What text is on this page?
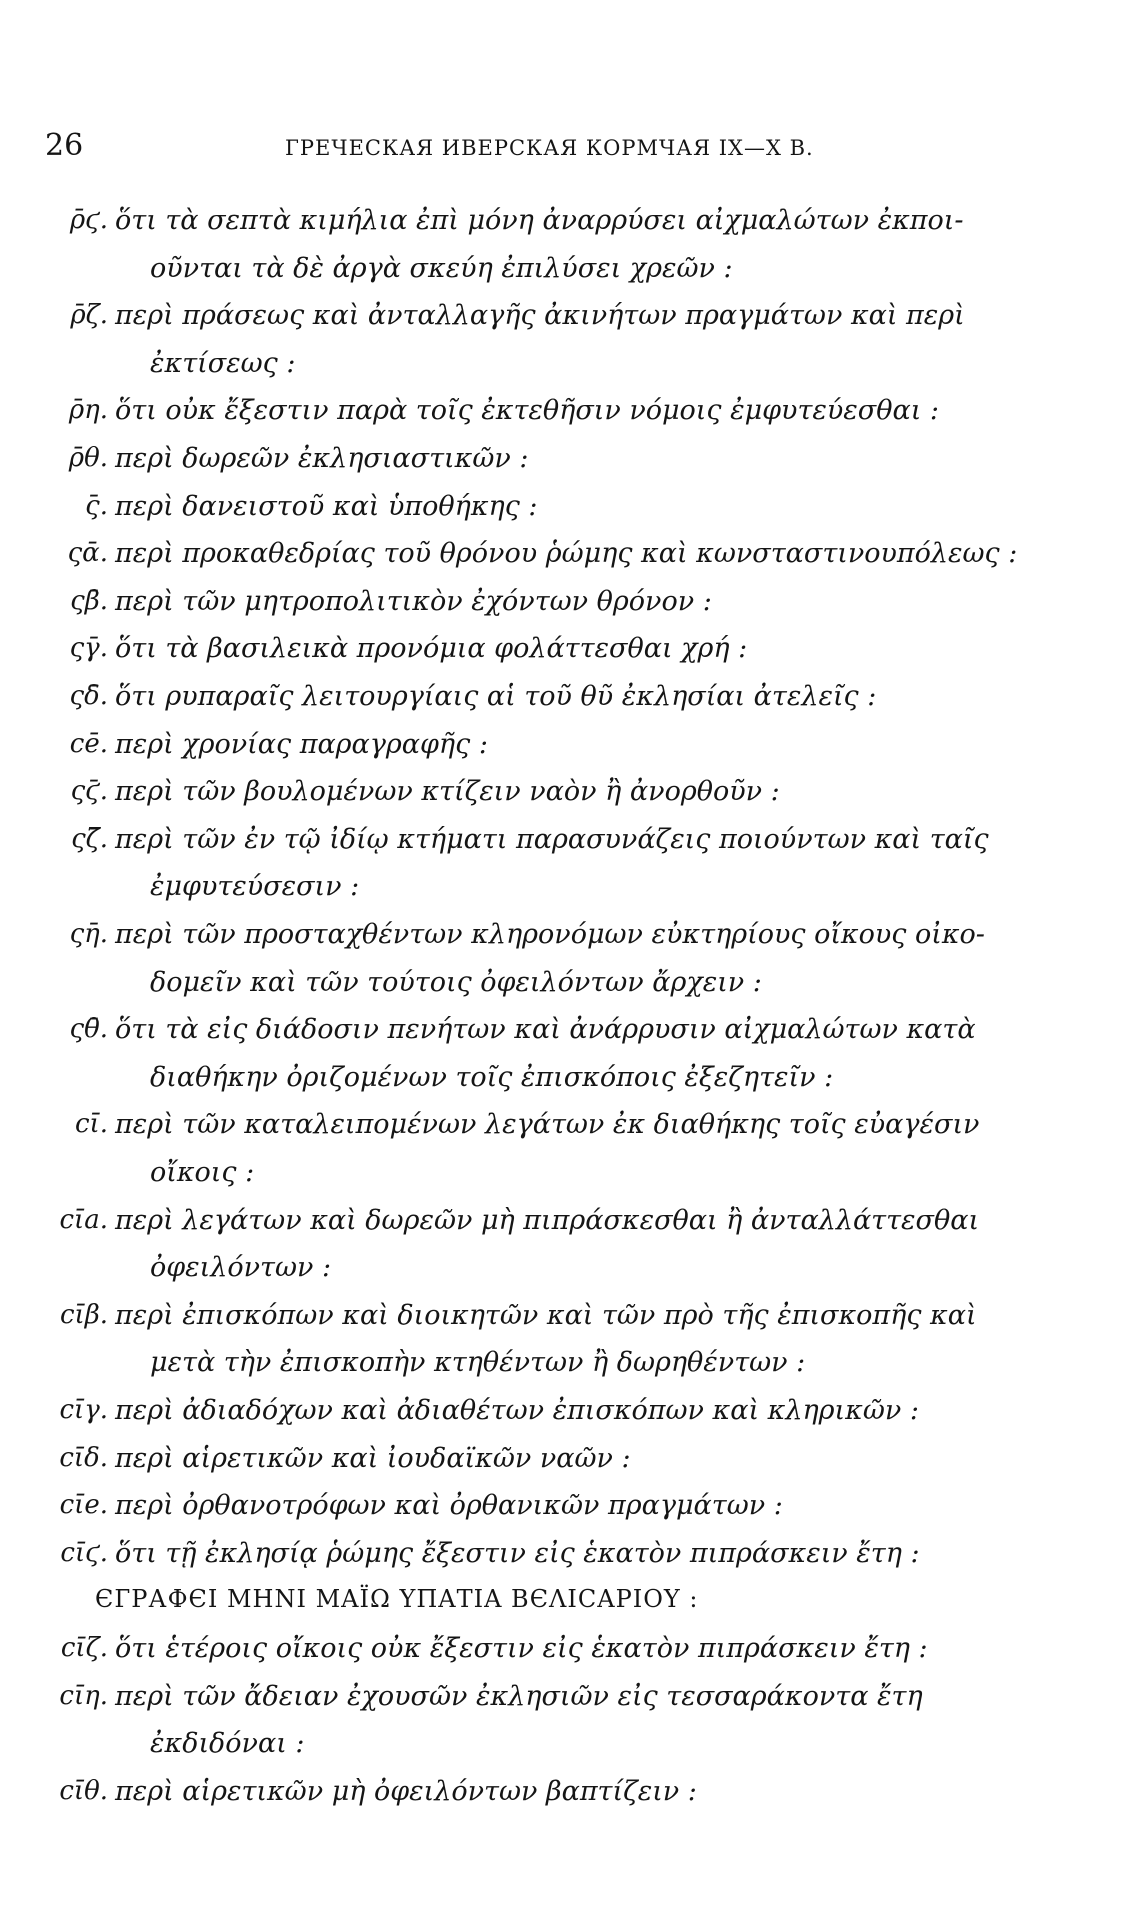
26	ГРЕЧЕСКАЯ ИВЕРСКАЯ КОРМЧАЯ IX—X В.
ρ̄ϛ. ὅτι τὰ σεπτὰ κιμήλια ἐπὶ μόνη ἀναρρύσει αἰχμαλώτων ἐκποι-
οῦνται τὰ δὲ ἀργὰ σκεύη ἐπιλύσει χρεῶν :
ρ̄ζ. περὶ πράσεως καὶ ἀνταλλαγῆς ἀκινήτων πραγμάτων καὶ περὶ
ἐκτίσεως :
ρ̄η. ὅτι οὐκ ἔξεστιν παρὰ τοῖς ἐκτεθῆσιν νόμοις ἐμφυτεύεσθαι :
ρ̄θ. περὶ δωρεῶν ἐκλησιαστικῶν :
ς̄. περὶ δανειστοῦ καὶ ὑποθήκης :
ςᾱ. περὶ προκαθεδρίας τοῦ θρόνου ῥώμης καὶ κωνσταστινουπόλεως :
ςβ̄. περὶ τῶν μητροπολιτικὸν ἐχόντων θρόνον :
ςγ̄. ὅτι τὰ βασιλεικὰ προνόμια φολάττεσθαι χρή :
ςδ̄. ὅτι ρυπαραῖς λειτουργίαις αἱ τοῦ θῦ ἐκλησίαι ἀτελεῖς :
cē. περὶ χρονίας παραγραφῆς :
ςϛ̄. περὶ τῶν βουλομένων κτίζειν ναὸν ἢ ἀνορθοῦν :
ςζ̄. περὶ τῶν ἐν τῷ ἰδίῳ κτήματι παρασυνάζεις ποιούντων καὶ ταῖς
ἐμφυτεύσεσιν :
ςη̄. περὶ τῶν προσταχθέντων κληρονόμων εὐκτηρίους οἴκους οἰκο-
δομεῖν καὶ τῶν τούτοις ὀφειλόντων ἄρχειν :
ςθ̄. ὅτι τὰ εἰς διάδοσιν πενήτων καὶ ἀνάρρυσιν αἰχμαλώτων κατὰ
διαθήκην ὀριζομένων τοῖς ἐπισκόποις ἐξεζητεῖν :
cῑ. περὶ τῶν καταλειπομένων λεγάτων ἐκ διαθήκης τοῖς εὐαγέσιν
οἴκοις :
cῑa. περὶ λεγάτων καὶ δωρεῶν μὴ πιπράσκεσθαι ἢ ἀνταλλάττεσθαι
ὀφειλόντων :
cῑβ. περὶ ἐπισκόπων καὶ διοικητῶν καὶ τῶν πρὸ τῆς ἐπισκοπῆς καὶ
μετὰ τὴν ἐπισκοπὴν κτηθέντων ἢ δωρηθέντων :
cῑγ. περὶ ἀδιαδόχων καὶ ἀδιαθέτων ἐπισκόπων καὶ κληρικῶν :
cῑδ. περὶ αἱρετικῶν καὶ ἰουδαϊκῶν ναῶν :
cῑe. περὶ ὀρθανοτρόφων καὶ ὀρθανικῶν πραγμάτων :
cῑϛ. ὅτι τῇ ἐκλησίᾳ ῥώμης ἔξεστιν εἰς ἑκατὸν πιπράσκειν ἔτη :
ЄГРАФЄI MHNI MAΪΩ ΥΠΑΤΙΑ ΒЄΛΙCΑΡΙΟΥ :
cῑζ. ὅτι ἑτέροις οἴκοις οὐκ ἔξεστιν εἰς ἑκατὸν πιπράσκειν ἔτη :
cῑη. περὶ τῶν ἄδειαν ἐχουσῶν ἐκλησιῶν εἰς τεσσαράκοντα ἔτη
ἐκδιδόναι :
cῑθ. περὶ αἱρετικῶν μὴ ὀφειλόντων βαπτίζειν :
